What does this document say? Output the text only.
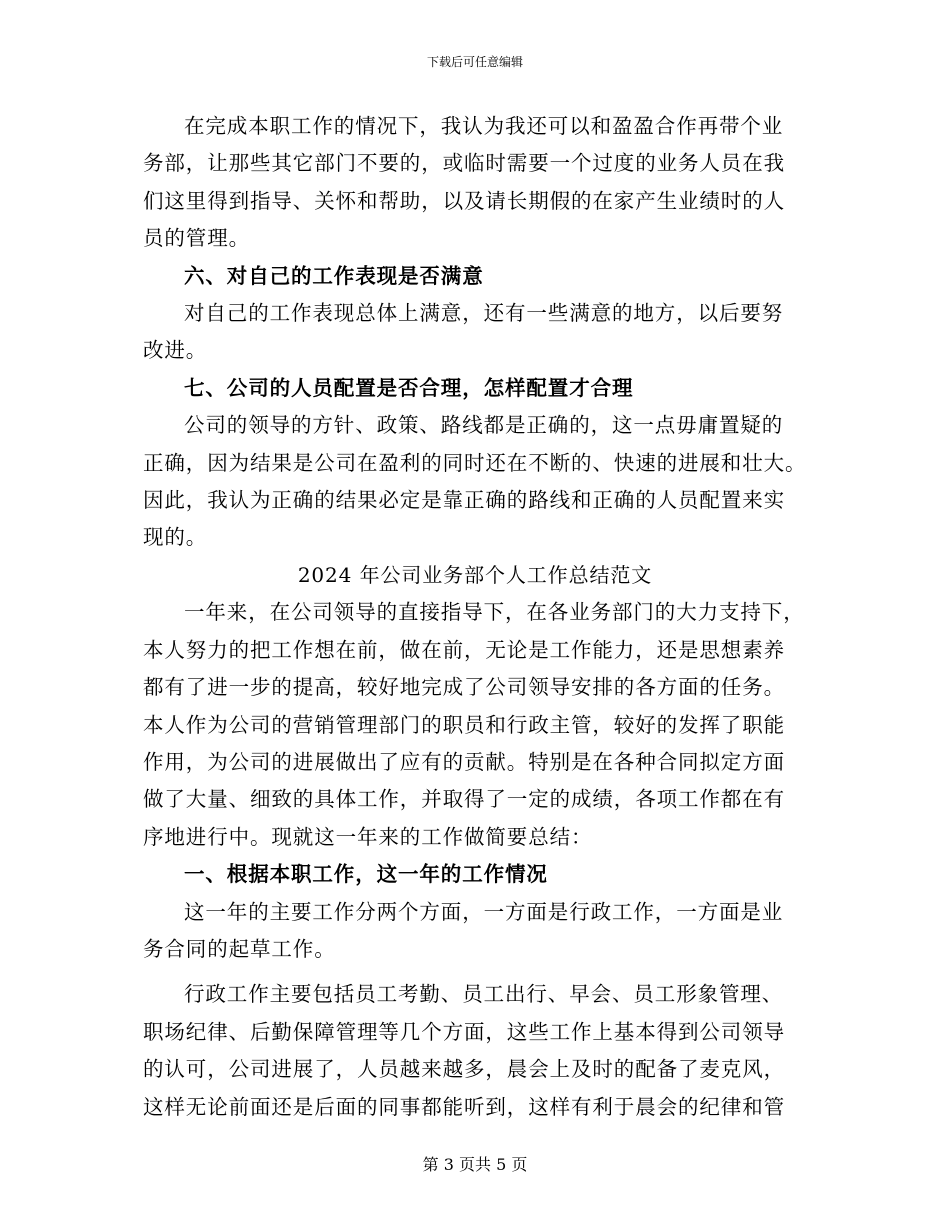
下载后可任意编辑
在完成本职工作的情况下，我认为我还可以和盈盈合作再带个业
务部，让那些其它部门不要的，或临时需要一个过度的业务人员在我
们这里得到指导、关怀和帮助，以及请长期假的在家产生业绩时的人
员的管理。
六、对自己的工作表现是否满意
对自己的工作表现总体上满意，还有一些满意的地方，以后要努
改进。
七、公司的人员配置是否合理，怎样配置才合理
公司的领导的方针、政策、路线都是正确的，这一点毋庸置疑的
正确，因为结果是公司在盈利的同时还在不断的、快速的进展和壮大。
因此，我认为正确的结果必定是靠正确的路线和正确的人员配置来实
现的。
2024 年公司业务部个人工作总结范文
一年来，在公司领导的直接指导下，在各业务部门的大力支持下，
本人努力的把工作想在前，做在前，无论是工作能力，还是思想素养
都有了进一步的提高，较好地完成了公司领导安排的各方面的任务。
本人作为公司的营销管理部门的职员和行政主管，较好的发挥了职能
作用，为公司的进展做出了应有的贡献。特别是在各种合同拟定方面
做了大量、细致的具体工作，并取得了一定的成绩，各项工作都在有
序地进行中。现就这一年来的工作做简要总结：
一、根据本职工作，这一年的工作情况
这一年的主要工作分两个方面，一方面是行政工作，一方面是业
务合同的起草工作。
行政工作主要包括员工考勤、员工出行、早会、员工形象管理、
职场纪律、后勤保障管理等几个方面，这些工作上基本得到公司领导
的认可，公司进展了，人员越来越多，晨会上及时的配备了麦克风，
这样无论前面还是后面的同事都能听到，这样有利于晨会的纪律和管
第 3 页共 5 页
